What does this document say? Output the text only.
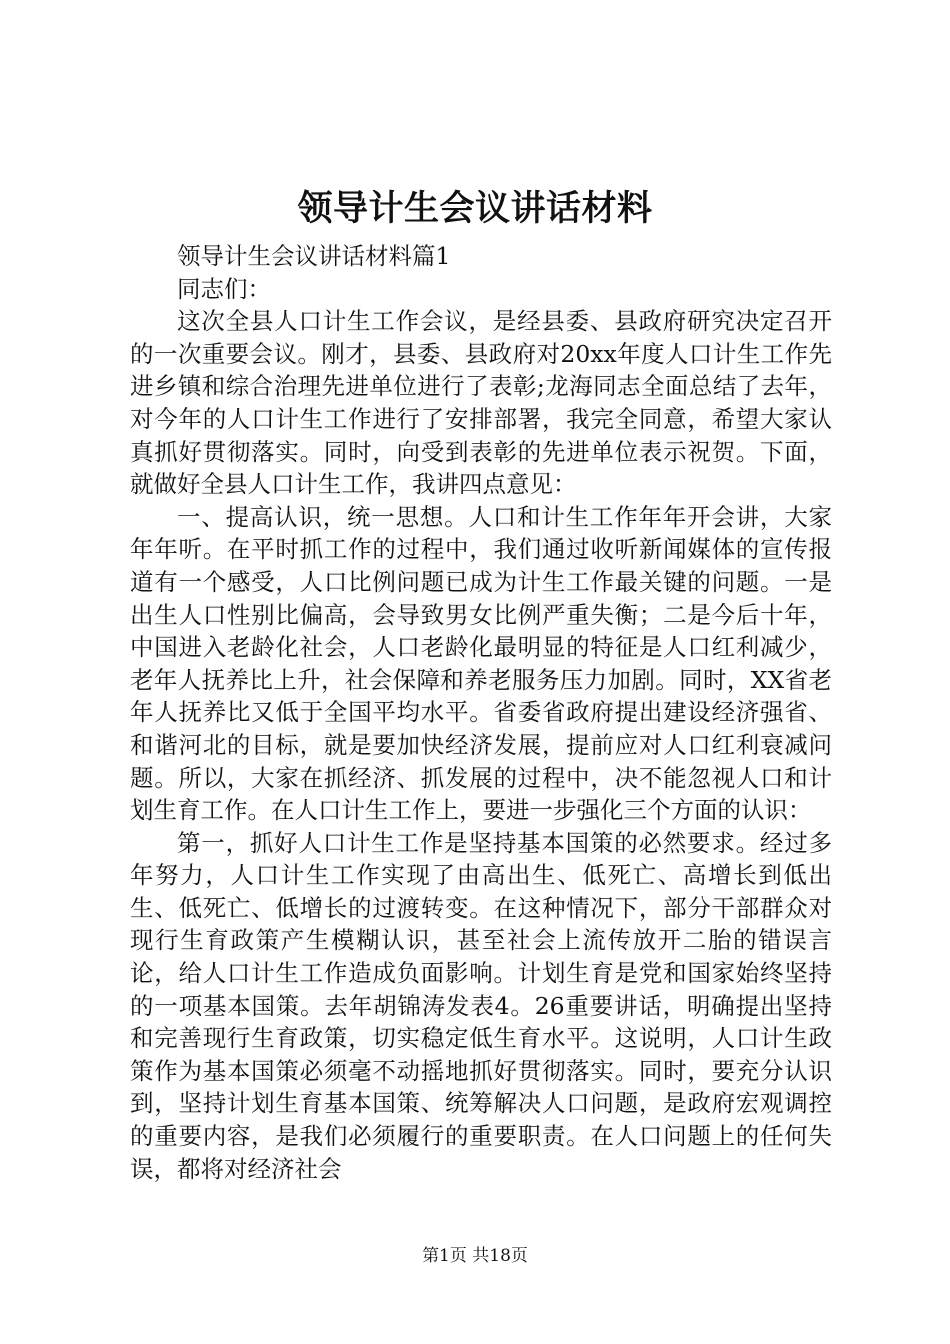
领导计生会议讲话材料

领导计生会议讲话材料篇1

同志们：

这次全县人口计生工作会议，是经县委、县政府研究决定召开的一次重要会议。刚才，县委、县政府对20xx年度人口计生工作先进乡镇和综合治理先进单位进行了表彰;龙海同志全面总结了去年，对今年的人口计生工作进行了安排部署，我完全同意，希望大家认真抓好贯彻落实。同时，向受到表彰的先进单位表示祝贺。下面，就做好全县人口计生工作，我讲四点意见：

一、提高认识，统一思想。人口和计生工作年年开会讲，大家年年听。在平时抓工作的过程中，我们通过收听新闻媒体的宣传报道有一个感受，人口比例问题已成为计生工作最关键的问题。一是出生人口性别比偏高，会导致男女比例严重失衡；二是今后十年，中国进入老龄化社会，人口老龄化最明显的特征是人口红利减少，老年人抚养比上升，社会保障和养老服务压力加剧。同时，XX省老年人抚养比又低于全国平均水平。省委省政府提出建设经济强省、和谐河北的目标，就是要加快经济发展，提前应对人口红利衰减问题。所以，大家在抓经济、抓发展的过程中，决不能忽视人口和计划生育工作。在人口计生工作上，要进一步强化三个方面的认识：

第一，抓好人口计生工作是坚持基本国策的必然要求。经过多年努力，人口计生工作实现了由高出生、低死亡、高增长到低出生、低死亡、低增长的过渡转变。在这种情况下，部分干部群众对现行生育政策产生模糊认识，甚至社会上流传放开二胎的错误言论，给人口计生工作造成负面影响。计划生育是党和国家始终坚持的一项基本国策。去年胡锦涛发表4。26重要讲话，明确提出坚持和完善现行生育政策，切实稳定低生育水平。这说明，人口计生政策作为基本国策必须毫不动摇地抓好贯彻落实。同时，要充分认识到，坚持计划生育基本国策、统筹解决人口问题，是政府宏观调控的重要内容，是我们必须履行的重要职责。在人口问题上的任何失误，都将对经济社会

第1页 共18页
